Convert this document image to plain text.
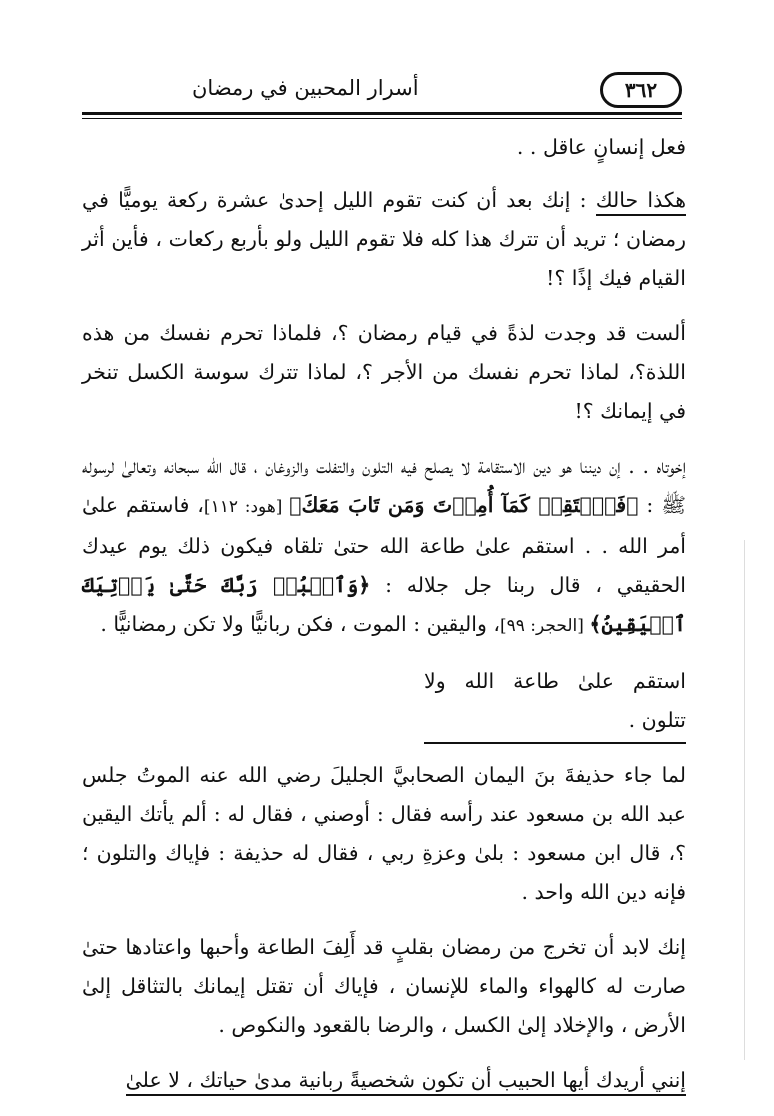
٣٦٢
أسرار المحبين في رمضان

فعل إنسانٍ عاقل . .

هكذا حالك : إنك بعد أن كنت تقوم الليل إحدىٰ عشرة ركعة يوميًّا في رمضان ؛ تريد أن تترك هذا كله فلا تقوم الليل ولو بأربع ركعات ، فأين أثر القيام فيك إذًا ؟!

ألست قد وجدت لذةً في قيام رمضان ؟، فلماذا تحرم نفسك من هذه اللذة؟، لماذا تحرم نفسك من الأجر ؟، لماذا تترك سوسة الكسل تنخر في إيمانك ؟!

إخوتاه . . إن ديننا هو دين الاستقامة لا يصلح فيه التلون والتفلت والزوغان ، قال الله سبحانه وتعالىٰ لرسوله ﷺ : ﴿فَٱسۡتَقِمۡ كَمَآ أُمِرۡتَ وَمَن تَابَ مَعَكَ﴾ [هود: ١١٢]، فاستقم علىٰ أمر الله . . استقم علىٰ طاعة الله حتىٰ تلقاه فيكون ذلك يوم عيدك الحقيقي ، قال ربنا جل جلاله : ﴿وَٱعۡبُدۡ رَبَّكَ حَتَّىٰ يَأۡتِيَكَ ٱلۡيَقِينُ﴾ [الحجر: ٩٩]، واليقين : الموت ، فكن ربانيًّا ولا تكن رمضانيًّا .

استقم علىٰ طاعة الله ولا تتلون .

لما جاء حذيفةَ بنَ اليمان الصحابيَّ الجليلَ رضي الله عنه الموتُ جلس عبد الله بن مسعود عند رأسه فقال : أوصني ، فقال له : ألم يأتك اليقين ؟، قال ابن مسعود : بلىٰ وعزةِ ربي ، فقال له حذيفة : فإياك والتلون ؛ فإنه دين الله واحد .

إنك لابد أن تخرج من رمضان بقلبٍ قد أَلِفَ الطاعة وأحبها واعتادها حتىٰ صارت له كالهواء والماء للإنسان ، فإياك أن تقتل إيمانك بالتثاقل إلىٰ الأرض ، والإخلاد إلىٰ الكسل ، والرضا بالقعود والنكوص .

إنني أريدك أيها الحبيب أن تكون شخصيةً ربانية مدىٰ حياتك ، لا علىٰ
